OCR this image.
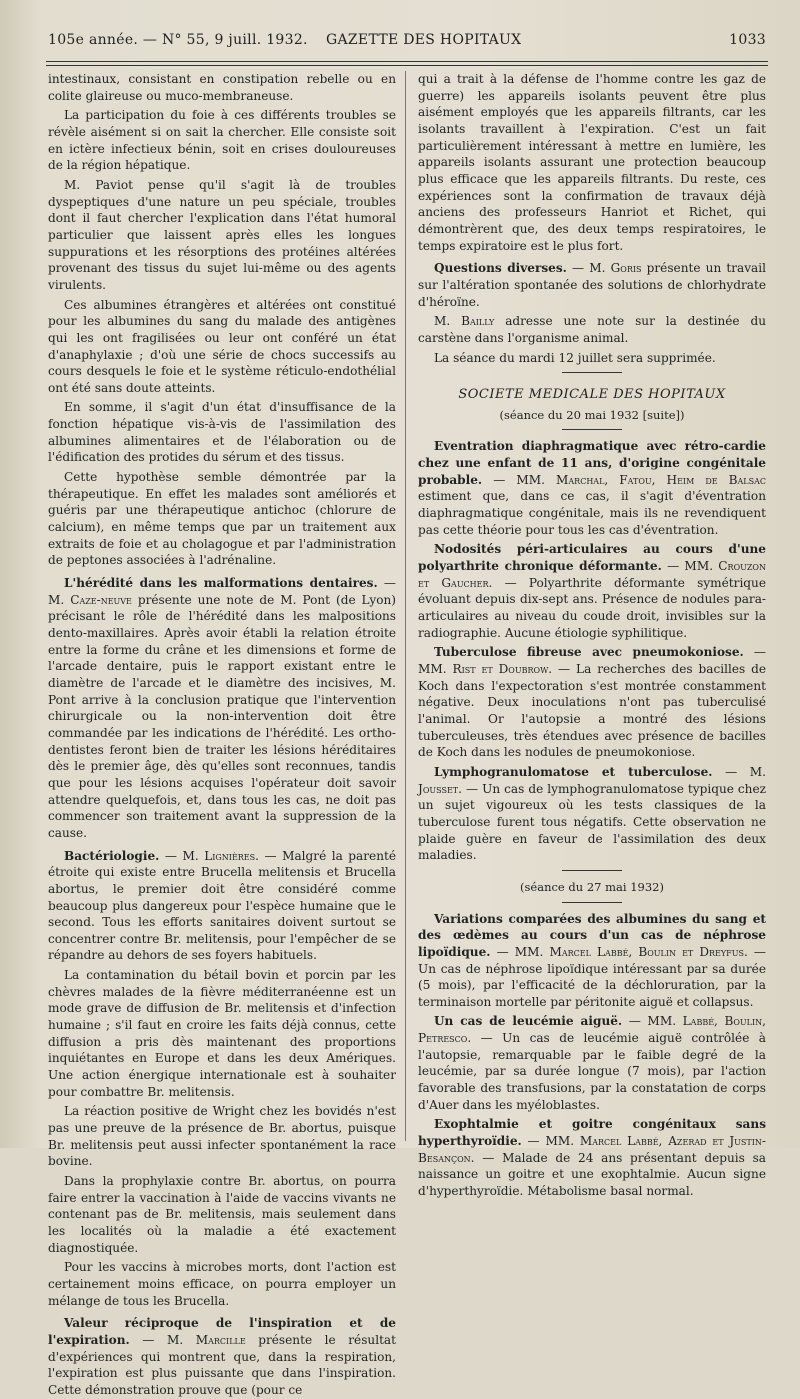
105e année. — N° 55, 9 juill. 1932. GAZETTE DES HOPITAUX	1033

intestinaux, consistant en constipation rebelle ou en colite glaireuse ou muco-membraneuse.

La participation du foie à ces différents troubles se révèle aisément si on sait la chercher. Elle consiste soit en ictère infectieux bénin, soit en crises douloureuses de la région hépatique.

M. Paviot pense qu'il s'agit là de troubles dyspeptiques d'une nature un peu spéciale, troubles dont il faut chercher l'explication dans l'état humoral particulier que laissent après elles les longues suppurations et les résorptions des protéines altérées provenant des tissus du sujet lui-même ou des agents virulents.

Ces albumines étrangères et altérées ont constitué pour les albumines du sang du malade des antigènes qui les ont fragilisées ou leur ont conféré un état d'anaphylaxie ; d'où une série de chocs successifs au cours desquels le foie et le système réticulo-endothélial ont été sans doute atteints.

En somme, il s'agit d'un état d'insuffisance de la fonction hépatique vis-à-vis de l'assimilation des albumines alimentaires et de l'élaboration ou de l'édification des protides du sérum et des tissus.

Cette hypothèse semble démontrée par la thérapeutique. En effet les malades sont améliorés et guéris par une thérapeutique antichoc (chlorure de calcium), en même temps que par un traitement aux extraits de foie et au cholagogue et par l'administration de peptones associées à l'adrénaline.

L'hérédité dans les malformations dentaires. — M. Caze-neuve présente une note de M. Pont (de Lyon) précisant le rôle de l'hérédité dans les malpositions dento-maxillaires. Après avoir établi la relation étroite entre la forme du crâne et les dimensions et forme de l'arcade dentaire, puis le rapport existant entre le diamètre de l'arcade et le diamètre des incisives, M. Pont arrive à la conclusion pratique que l'intervention chirurgicale ou la non-intervention doit être commandée par les indications de l'hérédité. Les ortho-dentistes feront bien de traiter les lésions héréditaires dès le premier âge, dès qu'elles sont reconnues, tandis que pour les lésions acquises l'opérateur doit savoir attendre quelquefois, et, dans tous les cas, ne doit pas commencer son traitement avant la suppression de la cause.

Bactériologie. — M. Lignières. — Malgré la parenté étroite qui existe entre Brucella melitensis et Brucella abortus, le premier doit être considéré comme beaucoup plus dangereux pour l'espèce humaine que le second. Tous les efforts sanitaires doivent surtout se concentrer contre Br. melitensis, pour l'empêcher de se répandre au dehors de ses foyers habituels.

La contamination du bétail bovin et porcin par les chèvres malades de la fièvre méditerranéenne est un mode grave de diffusion de Br. melitensis et d'infection humaine ; s'il faut en croire les faits déjà connus, cette diffusion a pris dès maintenant des proportions inquiétantes en Europe et dans les deux Amériques. Une action énergique internationale est à souhaiter pour combattre Br. melitensis.

La réaction positive de Wright chez les bovidés n'est pas une preuve de la présence de Br. abortus, puisque Br. melitensis peut aussi infecter spontanément la race bovine.

Dans la prophylaxie contre Br. abortus, on pourra faire entrer la vaccination à l'aide de vaccins vivants ne contenant pas de Br. melitensis, mais seulement dans les localités où la maladie a été exactement diagnostiquée.

Pour les vaccins à microbes morts, dont l'action est certainement moins efficace, on pourra employer un mélange de tous les Brucella.

Valeur réciproque de l'inspiration et de l'expiration. — M. Marcille présente le résultat d'expériences qui montrent que, dans la respiration, l'expiration est plus puissante que dans l'inspiration. Cette démonstration prouve que (pour ce

qui a trait à la défense de l'homme contre les gaz de guerre) les appareils isolants peuvent être plus aisément employés que les appareils filtrants, car les isolants travaillent à l'expiration. C'est un fait particulièrement intéressant à mettre en lumière, les appareils isolants assurant une protection beaucoup plus efficace que les appareils filtrants. Du reste, ces expériences sont la confirmation de travaux déjà anciens des professeurs Hanriot et Richet, qui démontrèrent que, des deux temps respiratoires, le temps expiratoire est le plus fort.

Questions diverses. — M. Goris présente un travail sur l'altération spontanée des solutions de chlorhydrate d'héroïne.

M. Bailly adresse une note sur la destinée du carstène dans l'organisme animal.

La séance du mardi 12 juillet sera supprimée.

SOCIETE MEDICALE DES HOPITAUX

(séance du 20 mai 1932 [suite])

Eventration diaphragmatique avec rétro-cardie chez une enfant de 11 ans, d'origine congénitale probable. — MM. Marchal, Fatou, Heim de Balsac estiment que, dans ce cas, il s'agit d'éventration diaphragmatique congénitale, mais ils ne revendiquent pas cette théorie pour tous les cas d'éventration.

Nodosités péri-articulaires au cours d'une polyarthrite chronique déformante. — MM. Crouzon et Gaucher. — Polyarthrite déformante symétrique évoluant depuis dix-sept ans. Présence de nodules para-articulaires au niveau du coude droit, invisibles sur la radiographie. Aucune étiologie syphilitique.

Tuberculose fibreuse avec pneumokoniose. — MM. Rist et Doubrow. — La recherches des bacilles de Koch dans l'expectoration s'est montrée constamment négative. Deux inoculations n'ont pas tuberculisé l'animal. Or l'autopsie a montré des lésions tuberculeuses, très étendues avec présence de bacilles de Koch dans les nodules de pneumokoniose.

Lymphogranulomatose et tuberculose. — M. Jousset. — Un cas de lymphogranulomatose typique chez un sujet vigoureux où les tests classiques de la tuberculose furent tous négatifs. Cette observation ne plaide guère en faveur de l'assimilation des deux maladies.

(séance du 27 mai 1932)

Variations comparées des albumines du sang et des œdèmes au cours d'un cas de néphrose lipoïdique. — MM. Marcel Labbé, Boulin et Dreyfus. — Un cas de néphrose lipoïdique intéressant par sa durée (5 mois), par l'efficacité de la déchloruration, par la terminaison mortelle par péritonite aiguë et collapsus.

Un cas de leucémie aiguë. — MM. Labbé, Boulin, Petresco. — Un cas de leucémie aiguë contrôlée à l'autopsie, remarquable par le faible degré de la leucémie, par sa durée longue (7 mois), par l'action favorable des transfusions, par la constatation de corps d'Auer dans les myéloblastes.

Exophtalmie et goitre congénitaux sans hyperthyroïdie. — MM. Marcel Labbé, Azerad et Justin-Besançon. — Malade de 24 ans présentant depuis sa naissance un goitre et une exophtalmie. Aucun signe d'hyperthyroïdie. Métabolisme basal normal.
